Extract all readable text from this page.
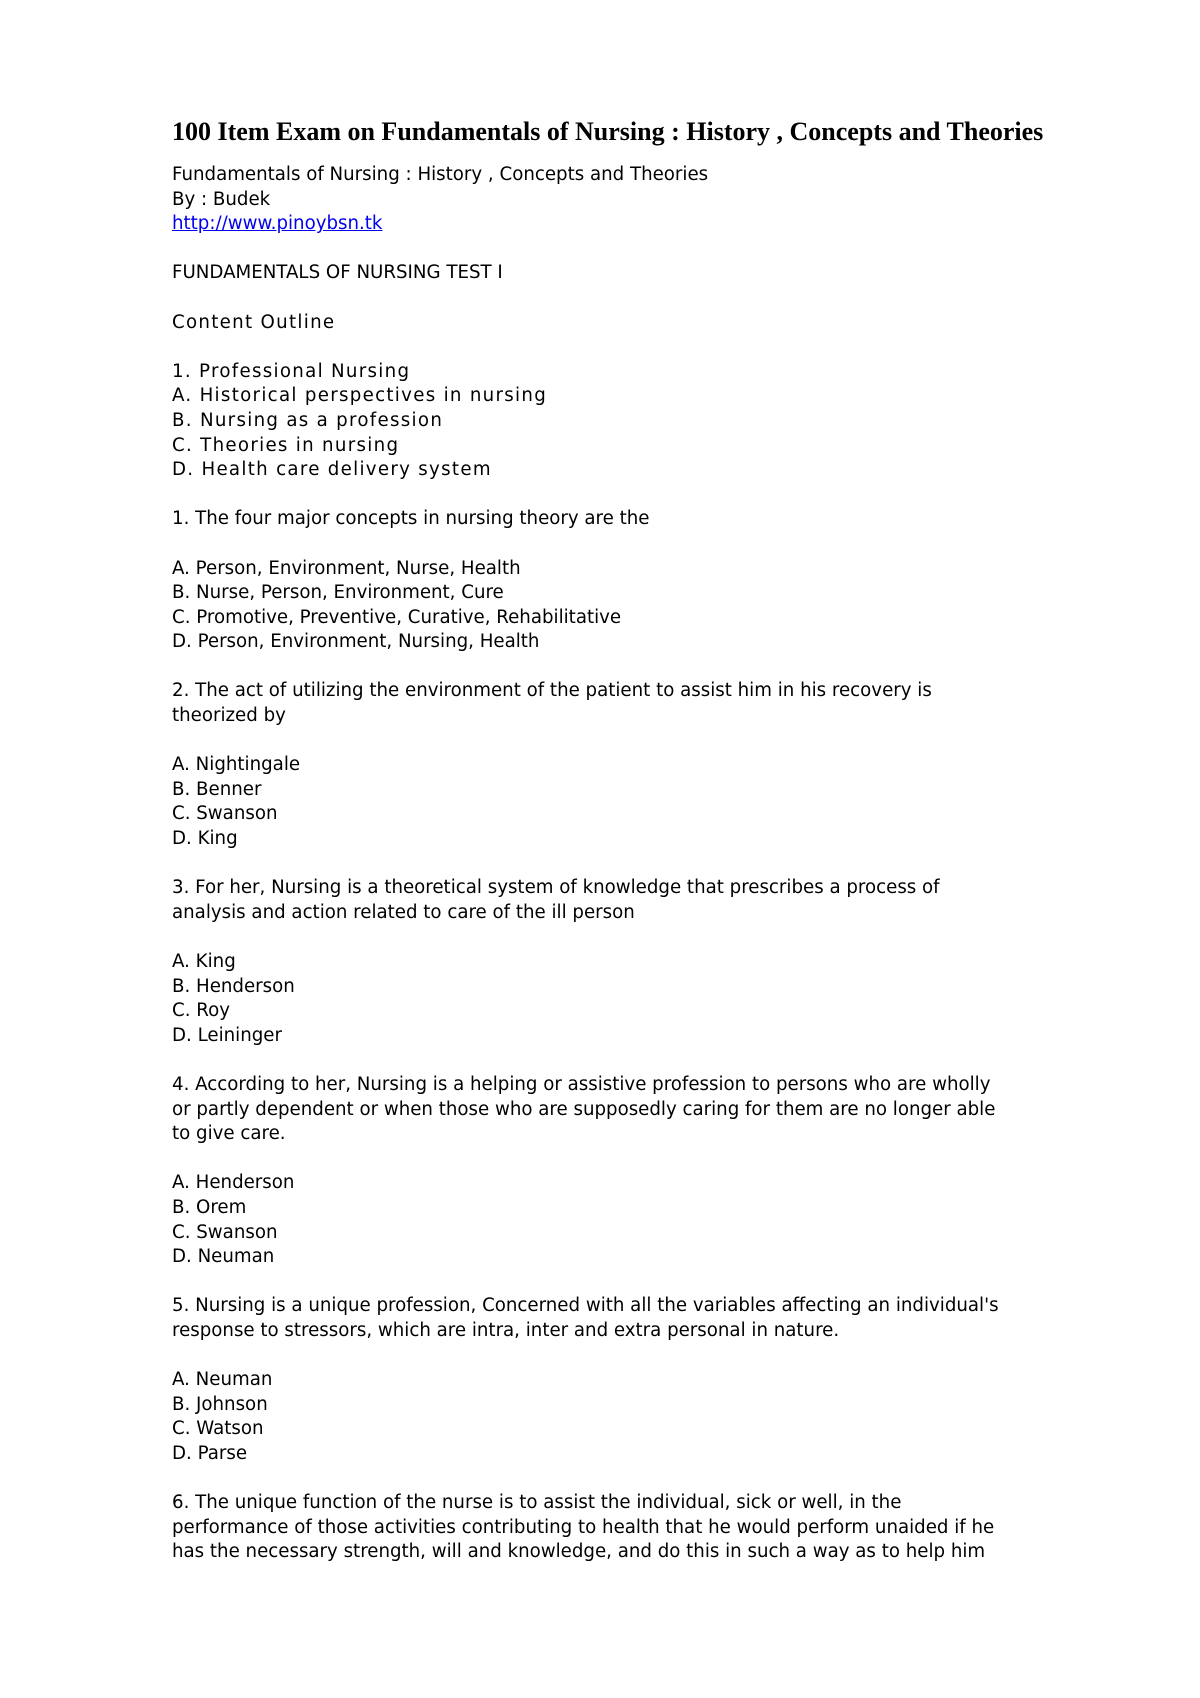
100 Item Exam on Fundamentals of Nursing : History , Concepts and Theories
Fundamentals of Nursing : History , Concepts and Theories
By : Budek
http://www.pinoybsn.tk
FUNDAMENTALS OF NURSING TEST I
Content Outline
1. Professional Nursing
A. Historical perspectives in nursing
B. Nursing as a profession
C. Theories in nursing
D. Health care delivery system
1. The four major concepts in nursing theory are the
A. Person, Environment, Nurse, Health
B. Nurse, Person, Environment, Cure
C. Promotive, Preventive, Curative, Rehabilitative
D. Person, Environment, Nursing, Health
2. The act of utilizing the environment of the patient to assist him in his recovery is
theorized by
A. Nightingale
B. Benner
C. Swanson
D. King
3. For her, Nursing is a theoretical system of knowledge that prescribes a process of
analysis and action related to care of the ill person
A. King
B. Henderson
C. Roy
D. Leininger
4. According to her, Nursing is a helping or assistive profession to persons who are wholly
or partly dependent or when those who are supposedly caring for them are no longer able
to give care.
A. Henderson
B. Orem
C. Swanson
D. Neuman
5. Nursing is a unique profession, Concerned with all the variables affecting an individual's
response to stressors, which are intra, inter and extra personal in nature.
A. Neuman
B. Johnson
C. Watson
D. Parse
6. The unique function of the nurse is to assist the individual, sick or well, in the
performance of those activities contributing to health that he would perform unaided if he
has the necessary strength, will and knowledge, and do this in such a way as to help him
